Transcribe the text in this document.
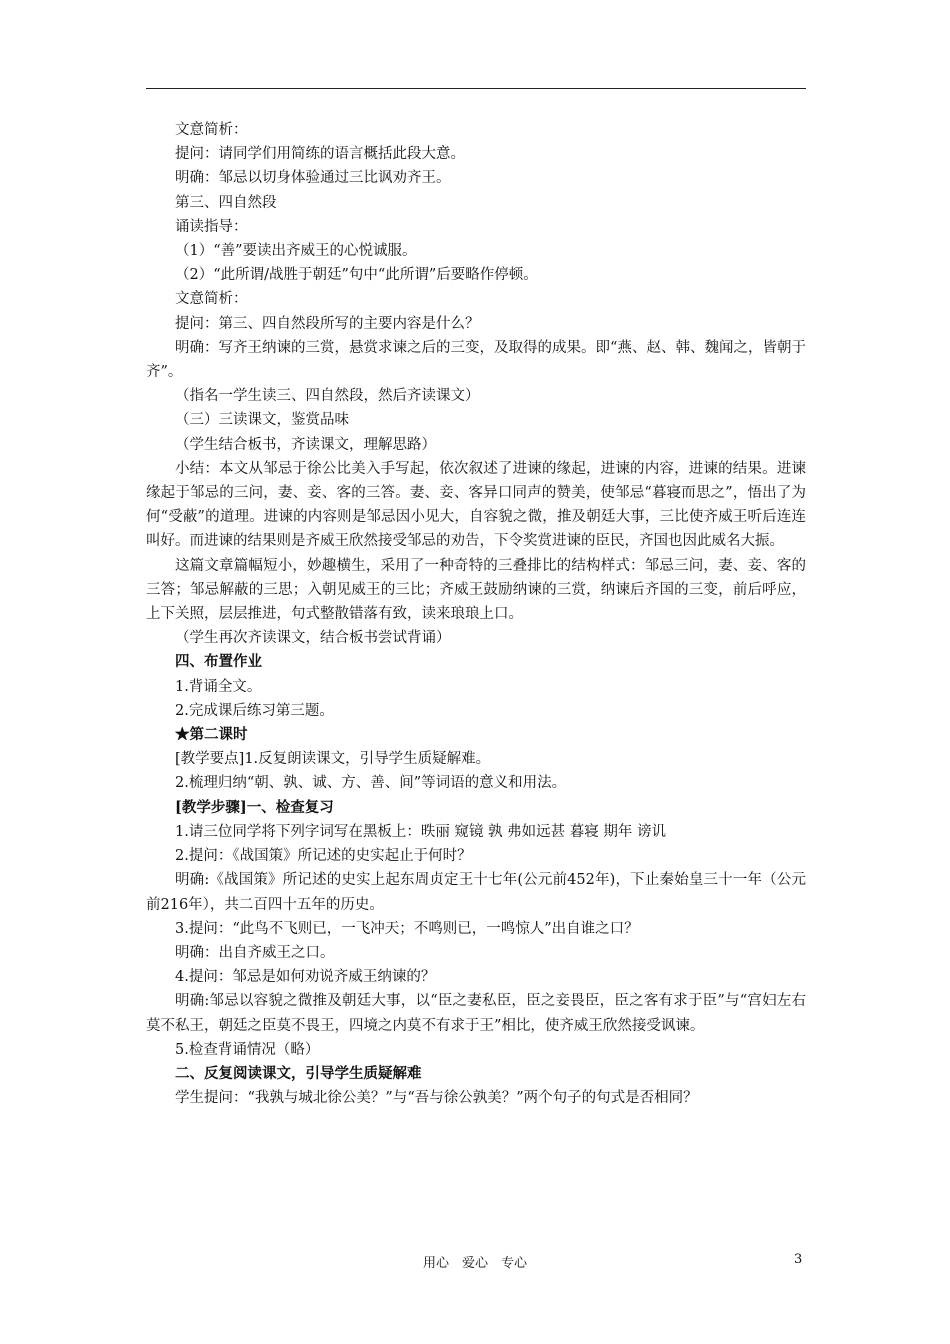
文意简析：

提问：请同学们用简练的语言概括此段大意。

明确：邹忌以切身体验通过三比讽劝齐王。

第三、四自然段

诵读指导：

（1）“善”要读出齐威王的心悦诚服。

（2）“此所谓/战胜于朝廷”句中“此所谓”后要略作停顿。

文意简析：

提问：第三、四自然段所写的主要内容是什么？

明确：写齐王纳谏的三赏，悬赏求谏之后的三变，及取得的成果。即“燕、赵、韩、魏闻之，皆朝于齐”。

（指名一学生读三、四自然段，然后齐读课文）

（三）三读课文，鉴赏品味

（学生结合板书，齐读课文，理解思路）

小结：本文从邹忌于徐公比美入手写起，依次叙述了进谏的缘起，进谏的内容，进谏的结果。进谏缘起于邹忌的三问，妻、妾、客的三答。妻、妾、客异口同声的赞美，使邹忌“暮寝而思之”，悟出了为何“受蔽”的道理。进谏的内容则是邹忌因小见大，自容貌之微，推及朝廷大事，三比使齐威王听后连连叫好。而进谏的结果则是齐威王欣然接受邹忌的劝告，下令奖赏进谏的臣民，齐国也因此威名大振。

这篇文章篇幅短小，妙趣横生，采用了一种奇特的三叠排比的结构样式：邹忌三问，妻、妾、客的三答；邹忌解蔽的三思；入朝见威王的三比；齐威王鼓励纳谏的三赏，纳谏后齐国的三变，前后呼应，上下关照，层层推进，句式整散错落有致，读来琅琅上口。

（学生再次齐读课文，结合板书尝试背诵）

四、布置作业

1.背诵全文。

2.完成课后练习第三题。

★第二课时

[教学要点]1.反复朗读课文，引导学生质疑解难。

2.梳理归纳“朝、孰、诚、方、善、间”等词语的意义和用法。

[教学步骤]一、检查复习

1.请三位同学将下列字词写在黑板上：昳丽 窥镜 孰 弗如远甚 暮寝 期年 谤讥

2.提问：《战国策》所记述的史实起止于何时？

明确:《战国策》所记述的史实上起东周贞定王十七年(公元前452年)，下止秦始皇三十一年（公元前216年），共二百四十五年的历史。

3.提问：“此鸟不飞则已，一飞冲天；不鸣则已，一鸣惊人”出自谁之口？

明确：出自齐威王之口。

4.提问：邹忌是如何劝说齐威王纳谏的？

明确:邹忌以容貌之微推及朝廷大事，以“臣之妻私臣，臣之妾畏臣，臣之客有求于臣”与“宫妇左右莫不私王，朝廷之臣莫不畏王，四境之内莫不有求于王”相比，使齐威王欣然接受讽谏。

5.检查背诵情况（略）

二、反复阅读课文，引导学生质疑解难

学生提问：“我孰与城北徐公美？”与“吾与徐公孰美？”两个句子的句式是否相同？

用心　爱心　专心	3
